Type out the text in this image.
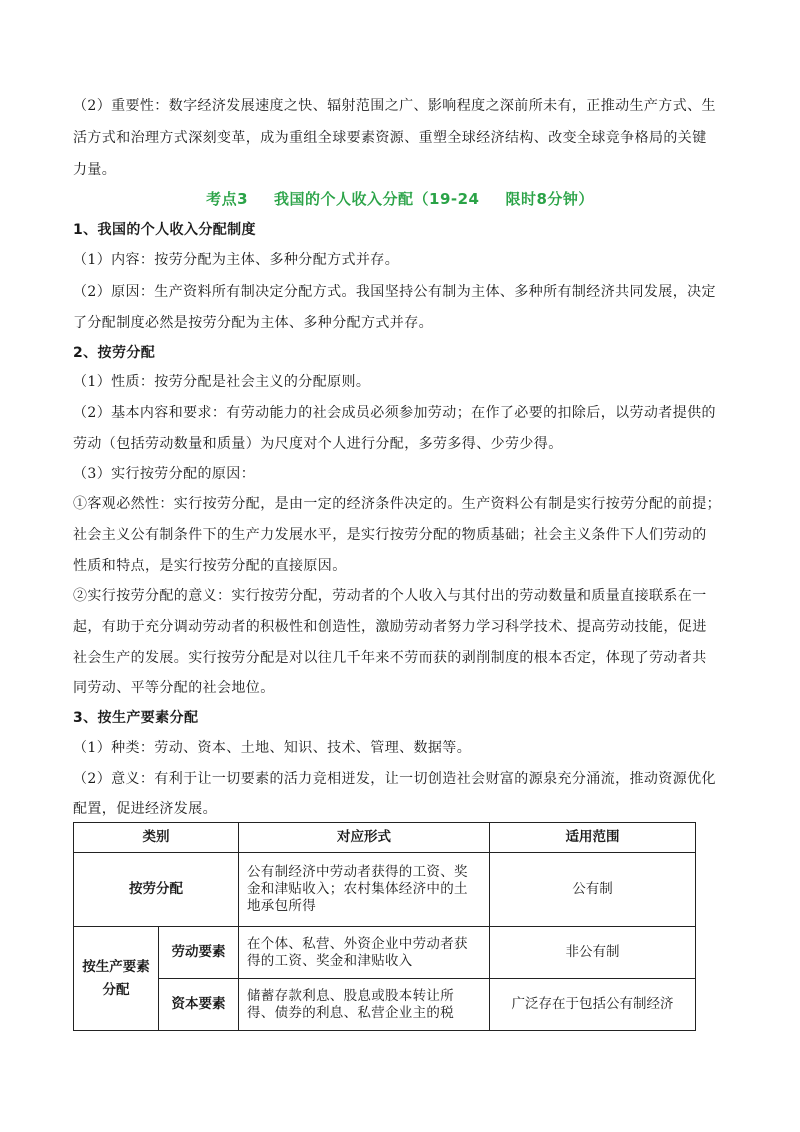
（2）重要性：数字经济发展速度之快、辐射范围之广、影响程度之深前所未有，正推动生产方式、生
活方式和治理方式深刻变革，成为重组全球要素资源、重塑全球经济结构、改变全球竞争格局的关键
力量。
考点3 我国的个人收入分配（19-24 限时8分钟）
1、我国的个人收入分配制度
（1）内容：按劳分配为主体、多种分配方式并存。
（2）原因：生产资料所有制决定分配方式。我国坚持公有制为主体、多种所有制经济共同发展，决定
了分配制度必然是按劳分配为主体、多种分配方式并存。
2、按劳分配
（1）性质：按劳分配是社会主义的分配原则。
（2）基本内容和要求：有劳动能力的社会成员必须参加劳动；在作了必要的扣除后，以劳动者提供的
劳动（包括劳动数量和质量）为尺度对个人进行分配，多劳多得、少劳少得。
（3）实行按劳分配的原因：
①客观必然性：实行按劳分配，是由一定的经济条件决定的。生产资料公有制是实行按劳分配的前提；
社会主义公有制条件下的生产力发展水平，是实行按劳分配的物质基础；社会主义条件下人们劳动的
性质和特点，是实行按劳分配的直接原因。
②实行按劳分配的意义：实行按劳分配，劳动者的个人收入与其付出的劳动数量和质量直接联系在一
起，有助于充分调动劳动者的积极性和创造性，激励劳动者努力学习科学技术、提高劳动技能，促进
社会生产的发展。实行按劳分配是对以往几千年来不劳而获的剥削制度的根本否定，体现了劳动者共
同劳动、平等分配的社会地位。
3、按生产要素分配
（1）种类：劳动、资本、土地、知识、技术、管理、数据等。
（2）意义：有利于让一切要素的活力竞相迸发，让一切创造社会财富的源泉充分涌流，推动资源优化
配置，促进经济发展。
类别		对应形式	适用范围
按劳分配		公有制经济中劳动者获得的工资、奖金和津贴收入；农村集体经济中的土地承包所得	公有制

按生产要素
分配	劳动要素	在个体、私营、外资企业中劳动者获得的工资、奖金和津贴收入	非公有制
	资本要素	储蓄存款利息、股息或股本转让所得、债券的利息、私营企业主的税	广泛存在于包括公有制经济
